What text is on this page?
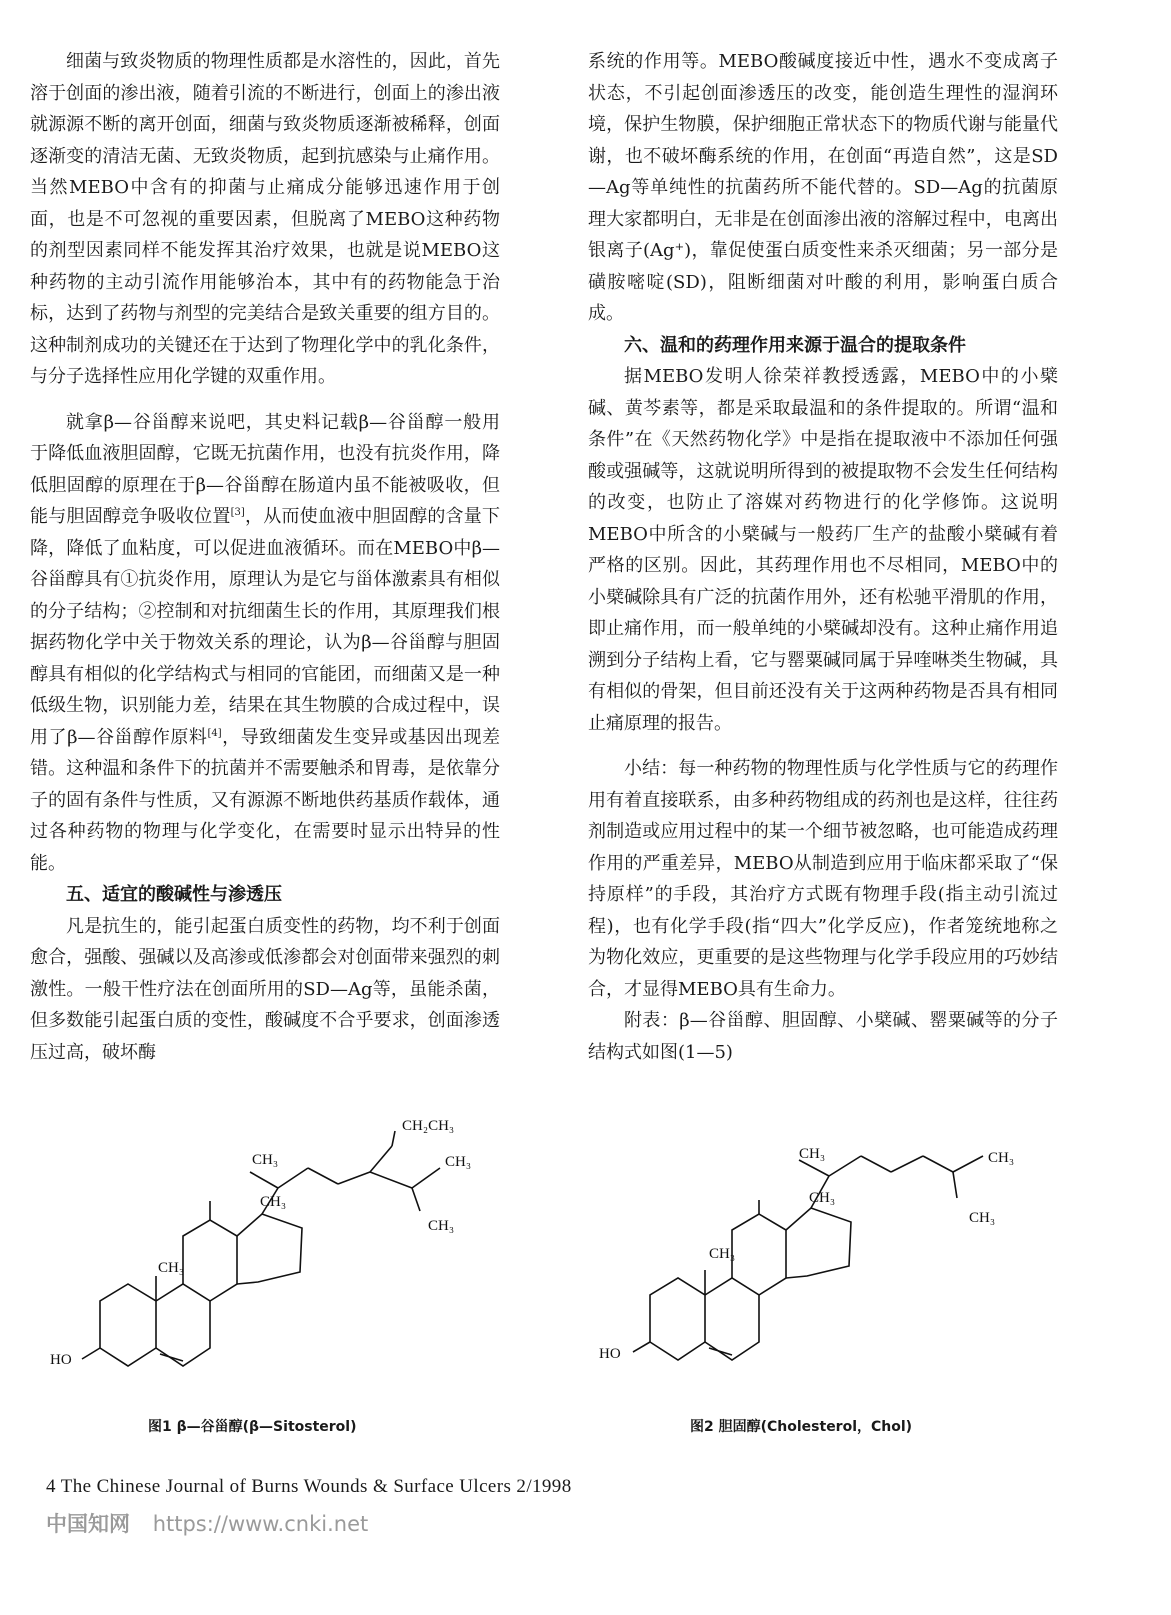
细菌与致炎物质的物理性质都是水溶性的，因此，首先溶于创面的渗出液，随着引流的不断进行，创面上的渗出液就源源不断的离开创面，细菌与致炎物质逐渐被稀释，创面逐渐变的清洁无菌、无致炎物质，起到抗感染与止痛作用。当然MEBO中含有的抑菌与止痛成分能够迅速作用于创面，也是不可忽视的重要因素，但脱离了MEBO这种药物的剂型因素同样不能发挥其治疗效果，也就是说MEBO这种药物的主动引流作用能够治本，其中有的药物能急于治标，达到了药物与剂型的完美结合是致关重要的组方目的。这种制剂成功的关键还在于达到了物理化学中的乳化条件，与分子选择性应用化学键的双重作用。

就拿β—谷甾醇来说吧，其史料记载β—谷甾醇一般用于降低血液胆固醇，它既无抗菌作用，也没有抗炎作用，降低胆固醇的原理在于β—谷甾醇在肠道内虽不能被吸收，但能与胆固醇竞争吸收位置[3]，从而使血液中胆固醇的含量下降，降低了血粘度，可以促进血液循环。而在MEBO中β—谷甾醇具有①抗炎作用，原理认为是它与甾体激素具有相似的分子结构；②控制和对抗细菌生长的作用，其原理我们根据药物化学中关于物效关系的理论，认为β—谷甾醇与胆固醇具有相似的化学结构式与相同的官能团，而细菌又是一种低级生物，识别能力差，结果在其生物膜的合成过程中，误用了β—谷甾醇作原料[4]，导致细菌发生变异或基因出现差错。这种温和条件下的抗菌并不需要触杀和胃毒，是依靠分子的固有条件与性质，又有源源不断地供药基质作载体，通过各种药物的物理与化学变化，在需要时显示出特异的性能。

五、适宜的酸碱性与渗透压

凡是抗生的，能引起蛋白质变性的药物，均不利于创面愈合，强酸、强碱以及高渗或低渗都会对创面带来强烈的刺激性。一般干性疗法在创面所用的SD—Ag等，虽能杀菌，但多数能引起蛋白质的变性，酸碱度不合乎要求，创面渗透压过高，破坏酶

系统的作用等。MEBO酸碱度接近中性，遇水不变成离子状态，不引起创面渗透压的改变，能创造生理性的湿润环境，保护生物膜，保护细胞正常状态下的物质代谢与能量代谢，也不破坏酶系统的作用，在创面“再造自然”，这是SD—Ag等单纯性的抗菌药所不能代替的。SD—Ag的抗菌原理大家都明白，无非是在创面渗出液的溶解过程中，电离出银离子(Ag⁺)，靠促使蛋白质变性来杀灭细菌；另一部分是磺胺嘧啶(SD)，阻断细菌对叶酸的利用，影响蛋白质合成。

六、温和的药理作用来源于温合的提取条件

据MEBO发明人徐荣祥教授透露，MEBO中的小檗碱、黄芩素等，都是采取最温和的条件提取的。所谓“温和条件”在《天然药物化学》中是指在提取液中不添加任何强酸或强碱等，这就说明所得到的被提取物不会发生任何结构的改变，也防止了溶媒对药物进行的化学修饰。这说明MEBO中所含的小檗碱与一般药厂生产的盐酸小檗碱有着严格的区别。因此，其药理作用也不尽相同，MEBO中的小檗碱除具有广泛的抗菌作用外，还有松驰平滑肌的作用，即止痛作用，而一般单纯的小檗碱却没有。这种止痛作用追溯到分子结构上看，它与罂粟碱同属于异喹啉类生物碱，具有相似的骨架，但目前还没有关于这两种药物是否具有相同止痛原理的报告。

小结：每一种药物的物理性质与化学性质与它的药理作用有着直接联系，由多种药物组成的药剂也是这样，往往药剂制造或应用过程中的某一个细节被忽略，也可能造成药理作用的严重差异，MEBO从制造到应用于临床都采取了“保持原样”的手段，其治疗方式既有物理手段(指主动引流过程)，也有化学手段(指“四大”化学反应)，作者笼统地称之为物化效应，更重要的是这些物理与化学手段应用的巧妙结合，才显得MEBO具有生命力。

附表：β—谷甾醇、胆固醇、小檗碱、罂粟碱等的分子结构式如图(1—5)

CH₂CH₃
CH₃	CH₃
CH₃
CH₃
CH₃
HO
图1 β—谷甾醇(β—Sitosterol)
CH₃	CH₃
CH₃
CH₃
CH₃
HO
图2 胆固醇(Cholesterol，Chol)
4 The Chinese Journal of Burns Wounds & Surface Ulcers 2/1998
中国知网 https://www.cnki.net
